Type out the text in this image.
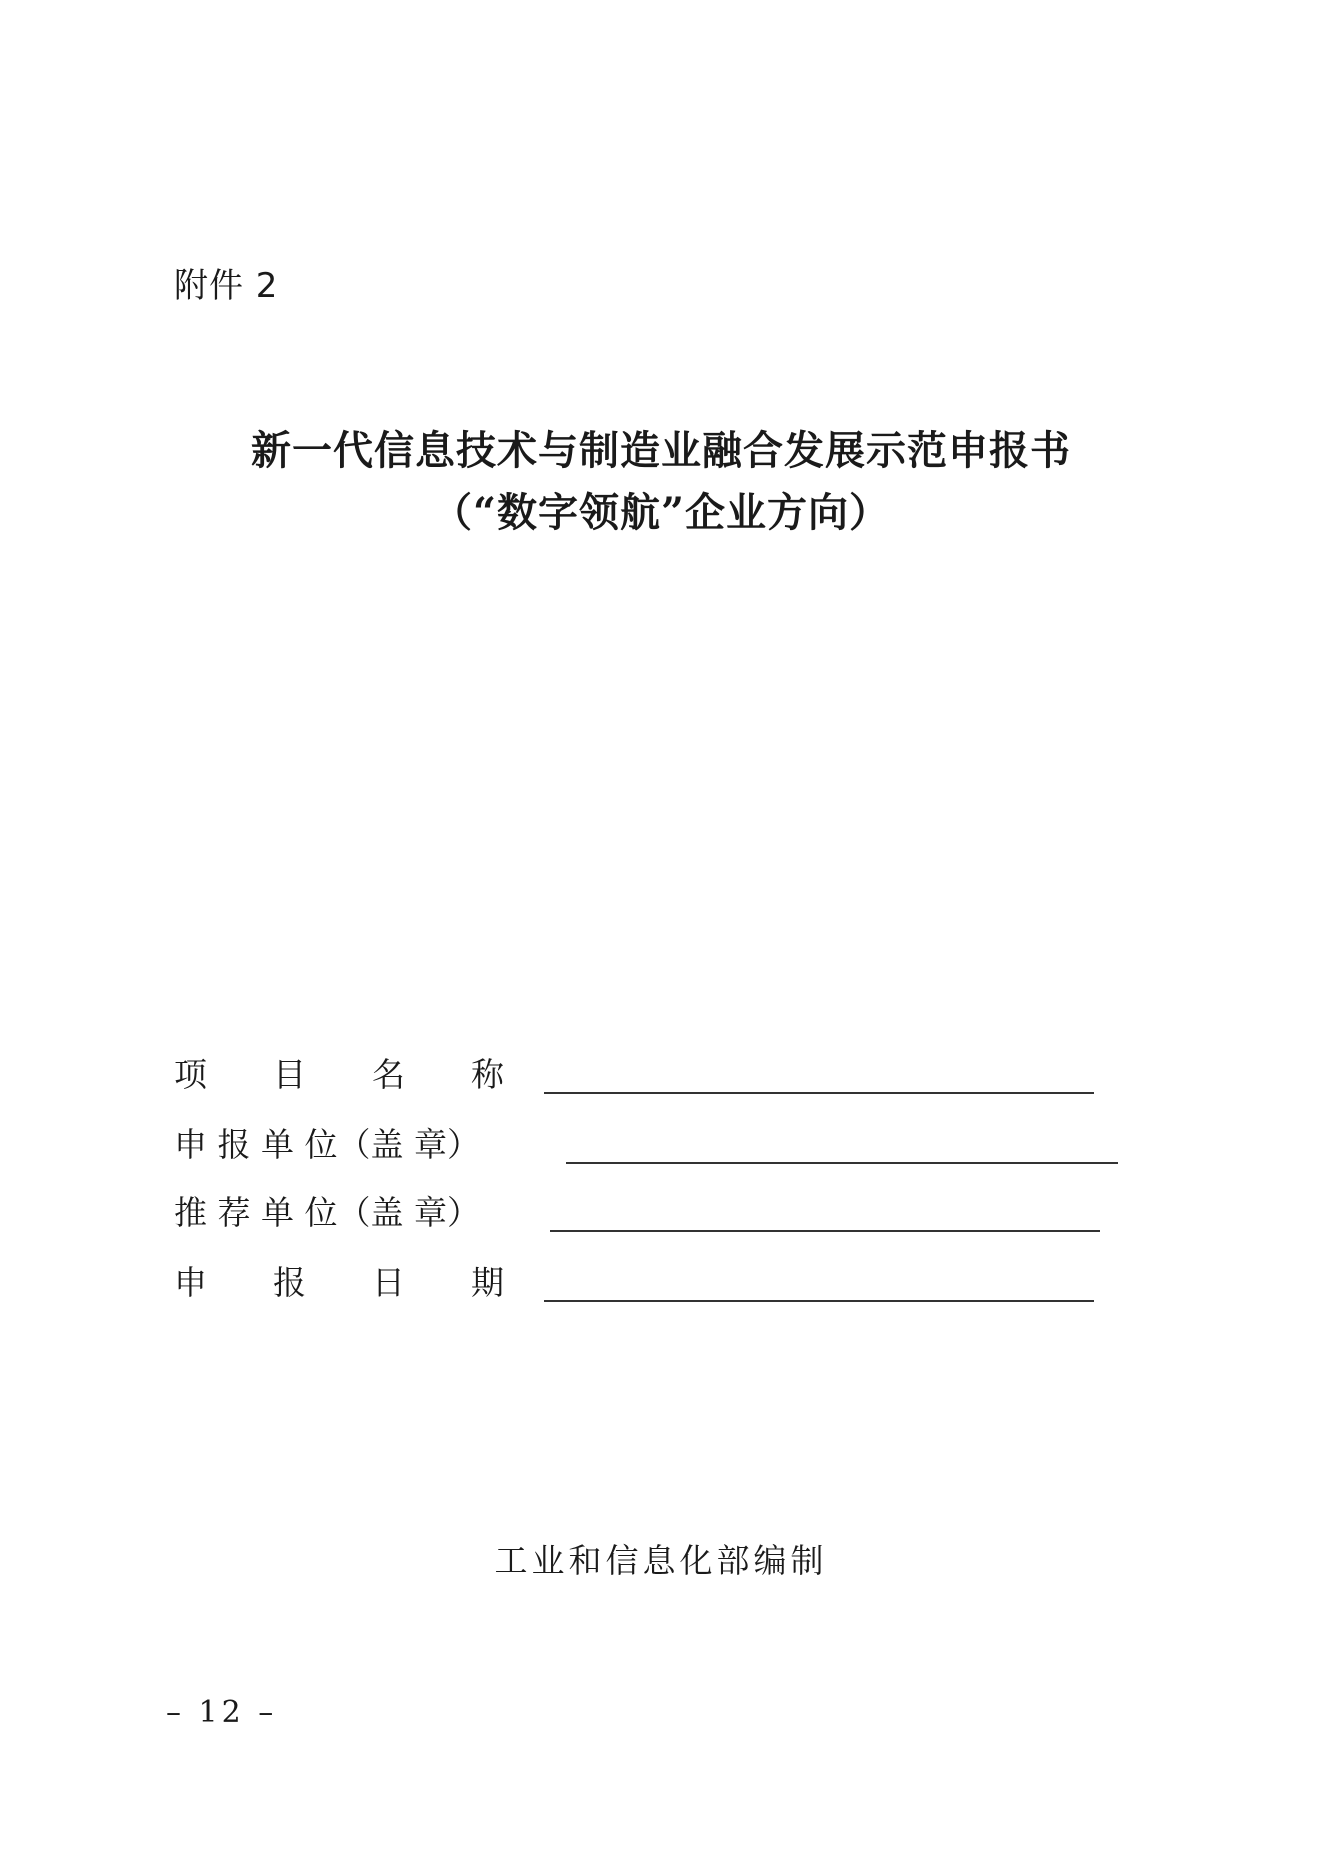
附件 2
新一代信息技术与制造业融合发展示范申报书
（“数字领航”企业方向）
项　　目　　名　　称
申 报 单 位（盖 章）
推 荐 单 位（盖 章）
申　　报　　日　　期
工业和信息化部编制
– 12 –
